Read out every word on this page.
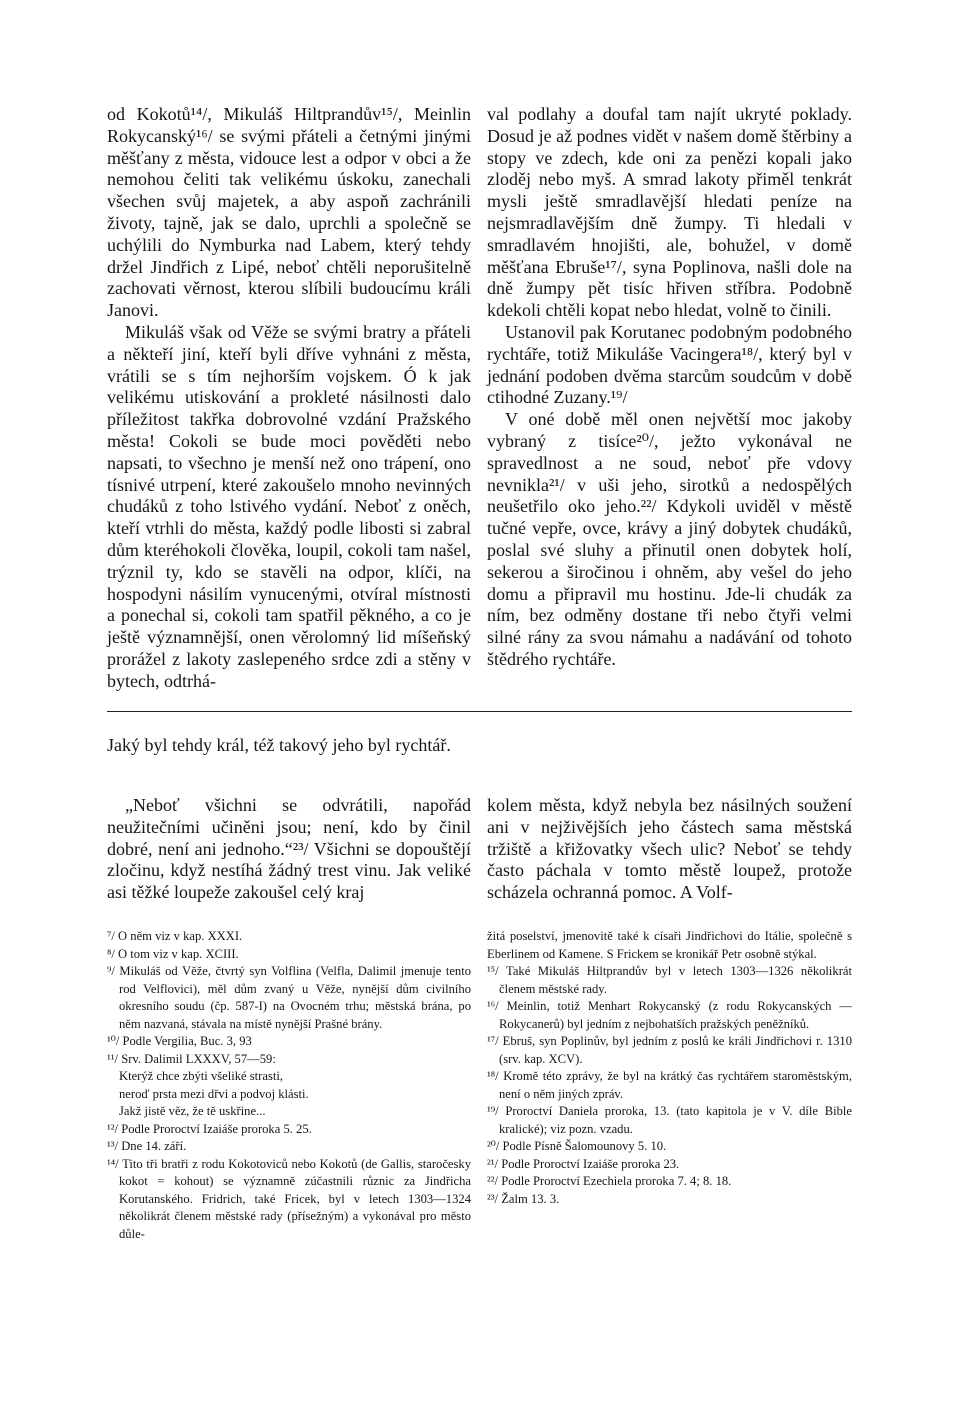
od Kokotů¹⁴/, Mikuláš Hiltprandův¹⁵/, Meinlin Rokycanský¹⁶/ se svými přáteli a četnými jinými měšťany z města, vidouce lest a odpor v obci a že nemohou čeliti tak velikému úskoku, zanechali všechen svůj majetek, a aby aspoň zachránili životy, tajně, jak se dalo, uprchli a společně se uchýlili do Nymburka nad Labem, který tehdy držel Jindřich z Lipé, neboť chtěli neporušitelně zachovati věrnost, kterou slíbili budoucímu králi Janovi.

Mikuláš však od Věže se svými bratry a přáteli a někteří jiní, kteří byli dříve vyhnáni z města, vrátili se s tím nejhorším vojskem. Ó k jak velikému utiskování a prokleté násilnosti dalo příležitost takřka dobrovolné vzdání Pražského města! Cokoli se bude moci pověděti nebo napsati, to všechno je menší než ono trápení, ono tísnivé utrpení, které zakoušelo mnoho nevinných chudáků z toho lstivého vydání. Neboť z oněch, kteří vtrhli do města, každý podle libosti si zabral dům kteréhokoli člověka, loupil, cokoli tam našel, trýznil ty, kdo se stavěli na odpor, klíči, na hospodyni násilím vynucenými, otvíral místnosti a ponechal si, cokoli tam spatřil pěkného, a co je ještě významnější, onen věrolomný lid míšeňský prorážel z lakoty zaslepeného srdce zdi a stěny v bytech, odtrhá-

val podlahy a doufal tam najít ukryté poklady. Dosud je až podnes vidět v našem domě štěrbiny a stopy ve zdech, kde oni za penězi kopali jako zloděj nebo myš. A smrad lakoty přiměl tenkrát mysli ještě smradlavější hledati peníze na nejsmradlavějším dně žumpy. Ti hledali v smradlavém hnojišti, ale, bohužel, v domě měšťana Ebruše¹⁷/, syna Poplinova, našli dole na dně žumpy pět tisíc hřiven stříbra. Podobně kdekoli chtěli kopat nebo hledat, volně to činili.

Ustanovil pak Korutanec podobným podobného rychtáře, totiž Mikuláše Vacingera¹⁸/, který byl v jednání podoben dvěma starcům soudcům v době ctihodné Zuzany.¹⁹/

V oné době měl onen největší moc jakoby vybraný z tisíce²⁰/, ježto vykonával ne spravedlnost a ne soud, neboť pře vdovy nevnikla²¹/ v uši jeho, sirotků a nedospělých neušetřilo oko jeho.²²/ Kdykoli uviděl v městě tučné vepře, ovce, krávy a jiný dobytek chudáků, poslal své sluhy a přinutil onen dobytek holí, sekerou a širočinou i ohněm, aby vešel do jeho domu a připravil mu hostinu. Jde-li chudák za ním, bez odměny dostane tři nebo čtyři velmi silné rány za svou námahu a nadávání od tohoto štědrého rychtáře.

Jaký byl tehdy král, též takový jeho byl rychtář.

„Neboť všichni se odvrátili, napořád neužitečními učiněni jsou; není, kdo by činil dobré, není ani jednoho.“²³/ Všichni se dopouštějí zločinu, když nestíhá žádný trest vinu. Jak veliké asi těžké loupeže zakoušel celý kraj

kolem města, když nebyla bez násilných soužení ani v nejživějších jeho částech sama městská tržiště a křižovatky všech ulic? Neboť se tehdy často páchala v tomto městě loupež, protože scházela ochranná pomoc. A Volf-

⁷/ O něm viz v kap. XXXI.

⁸/ O tom viz v kap. XCIII.

⁹/ Mikuláš od Věže, čtvrtý syn Volflina (Velfla, Dalimil jmenuje tento rod Velflovici), měl dům zvaný u Věže, nynější dům civilního okresního soudu (čp. 587-I) na Ovocném trhu; městská brána, po něm nazvaná, stávala na místě nynější Prašné brány.

¹⁰/ Podle Vergilia, Buc. 3, 93

¹¹/ Srv. Dalimil LXXXV, 57—59:

Kterýž chce zbýti všeliké strasti,

neroď prsta mezi dřvi a podvoj klásti.

Jakž jistě věz, že tě uskřine...

¹²/ Podle Proroctví Izaiáše proroka 5. 25.

¹³/ Dne 14. září.

¹⁴/ Tito tři bratři z rodu Kokotoviců nebo Kokotů (de Gallis, staročesky kokot = kohout) se významně zúčastnili různic za Jindřicha Korutanského. Fridrich, také Fricek, byl v letech 1303—1324 několikrát členem městské rady (přísežným) a vykonával pro město důle-

žitá poselství, jmenovitě také k císaři Jindřichovi do Itálie, společně s Eberlinem od Kamene. S Frickem se kronikář Petr osobně stýkal.

¹⁵/ Také Mikuláš Hiltprandův byl v letech 1303—1326 několikrát členem městské rady.

¹⁶/ Meinlin, totiž Menhart Rokycanský (z rodu Rokycanských — Rokycanerů) byl jedním z nejbohatších pražských peněžníků.

¹⁷/ Ebruš, syn Poplinův, byl jedním z poslů ke králi Jindřichovi r. 1310 (srv. kap. XCV).

¹⁸/ Kromě této zprávy, že byl na krátký čas rychtářem staroměstským, není o něm jiných zpráv.

¹⁹/ Proroctví Daniela proroka, 13. (tato kapitola je v V. díle Bible kralické); viz pozn. vzadu.

²⁰/ Podle Písně Šalomounovy 5. 10.

²¹/ Podle Proroctví Izaiáše proroka 23.

²²/ Podle Proroctví Ezechiela proroka 7. 4; 8. 18.

²³/ Žalm 13. 3.
